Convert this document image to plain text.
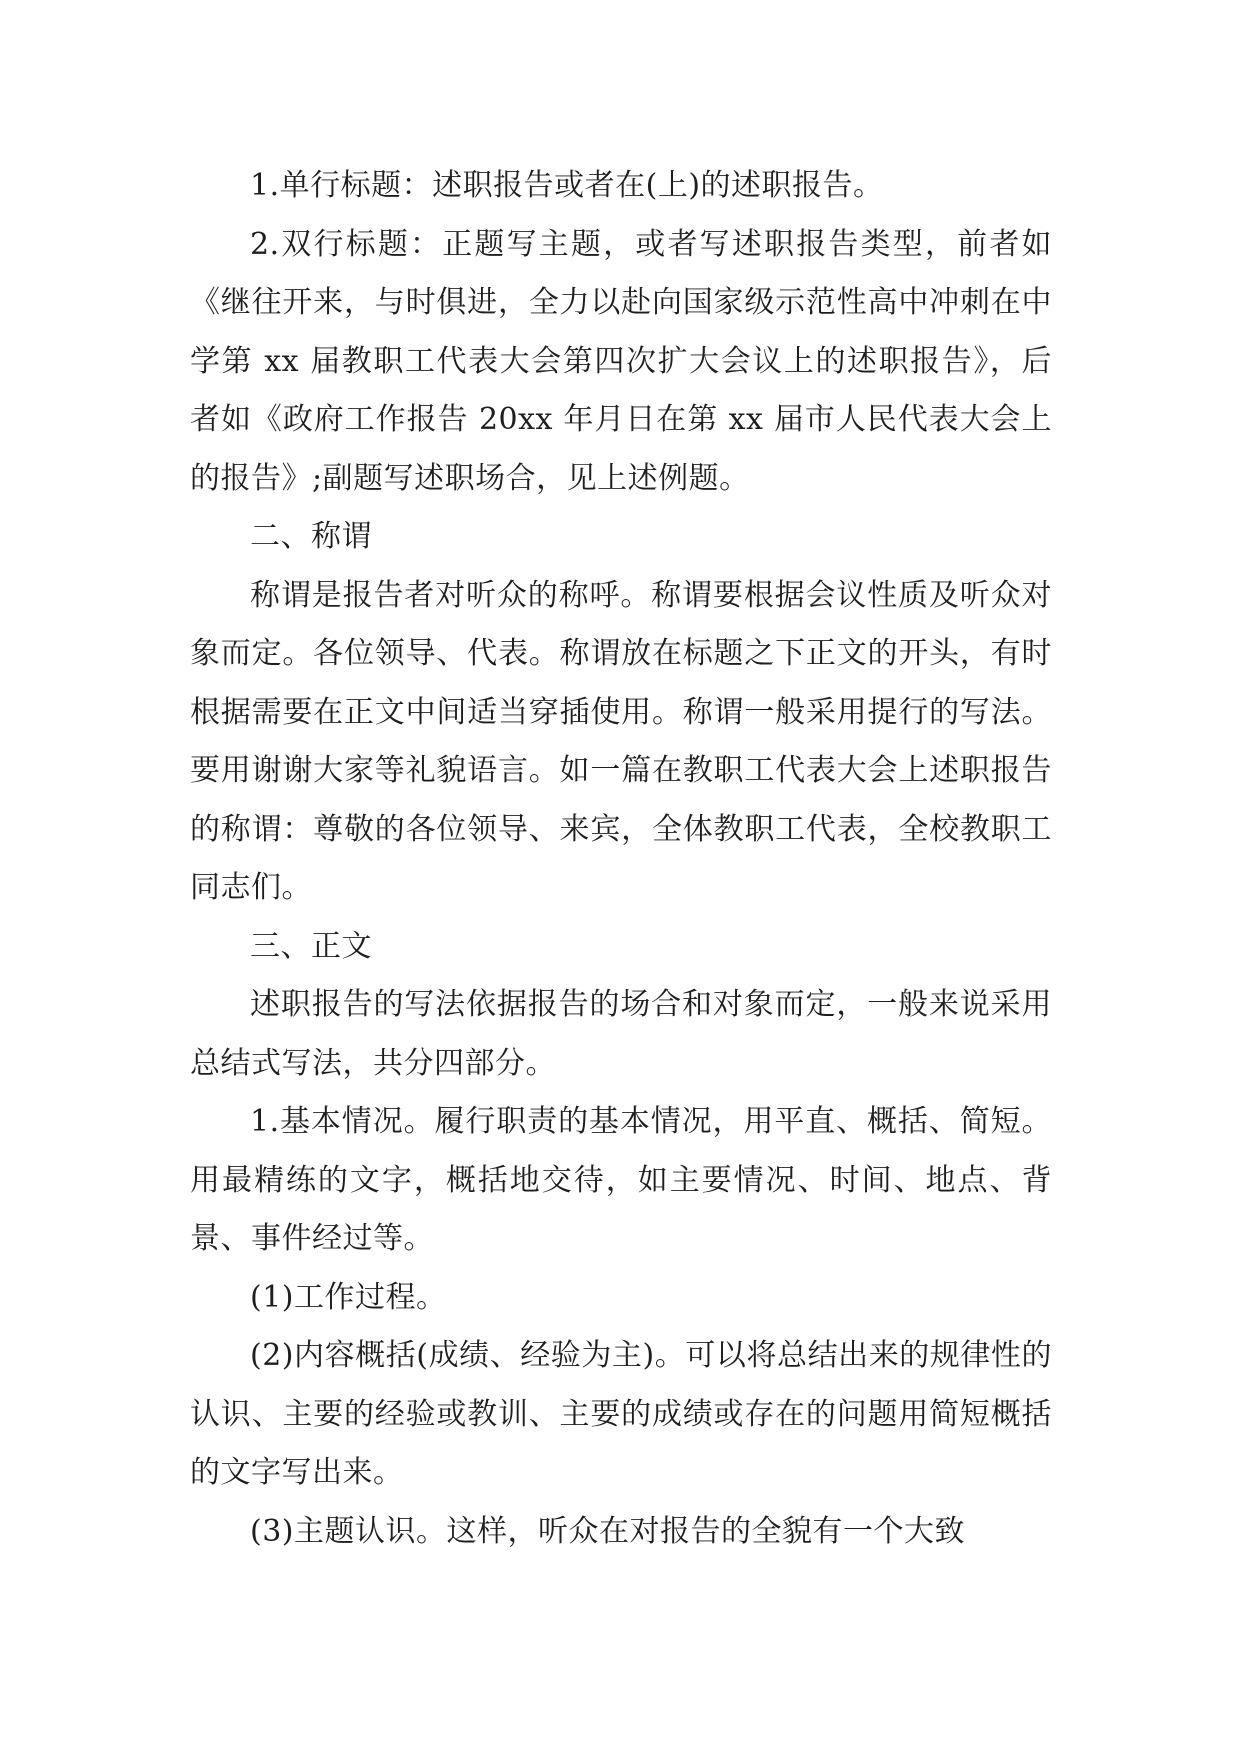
1.单行标题：述职报告或者在(上)的述职报告。

2.双行标题：正题写主题，或者写述职报告类型，前者如《继往开来，与时俱进，全力以赴向国家级示范性高中冲刺在中学第 xx 届教职工代表大会第四次扩大会议上的述职报告》，后者如《政府工作报告 20xx 年月日在第 xx 届市人民代表大会上的报告》;副题写述职场合，见上述例题。

二、称谓

称谓是报告者对听众的称呼。称谓要根据会议性质及听众对象而定。各位领导、代表。称谓放在标题之下正文的开头，有时根据需要在正文中间适当穿插使用。称谓一般采用提行的写法。要用谢谢大家等礼貌语言。如一篇在教职工代表大会上述职报告的称谓：尊敬的各位领导、来宾，全体教职工代表，全校教职工同志们。

三、正文

述职报告的写法依据报告的场合和对象而定，一般来说采用总结式写法，共分四部分。

1.基本情况。履行职责的基本情况，用平直、概括、简短。用最精练的文字，概括地交待，如主要情况、时间、地点、背景、事件经过等。

(1)工作过程。

(2)内容概括(成绩、经验为主)。可以将总结出来的规律性的认识、主要的经验或教训、主要的成绩或存在的问题用简短概括的文字写出来。

(3)主题认识。这样，听众在对报告的全貌有一个大致
